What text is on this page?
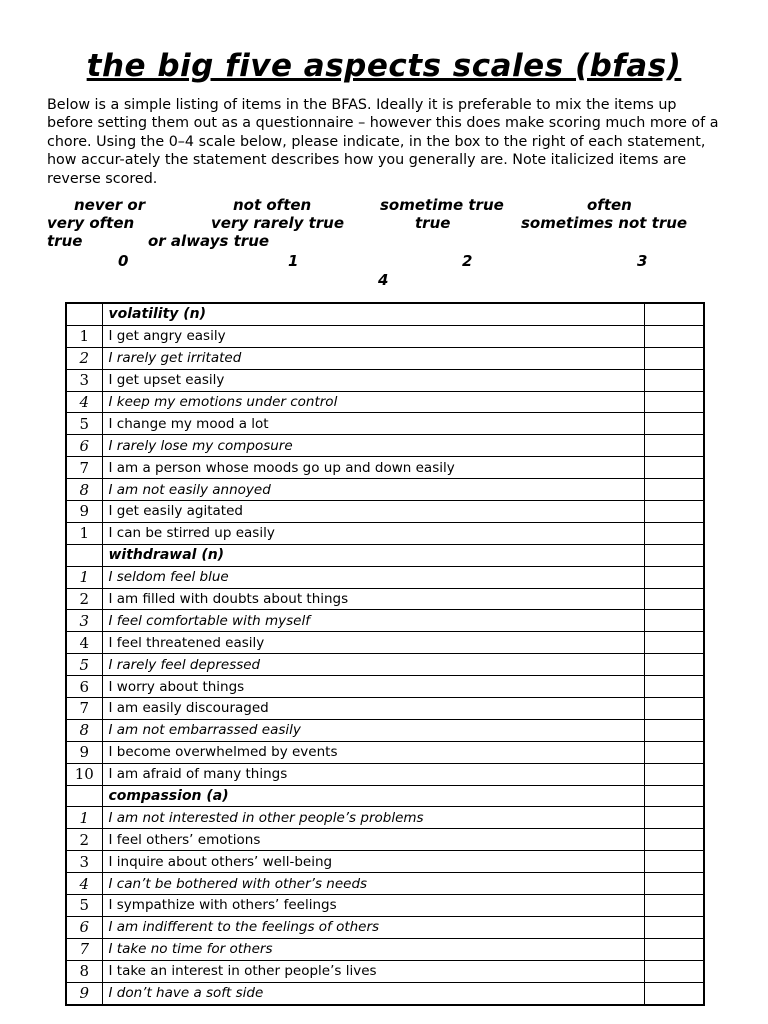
the big five aspects scales (bfas)

Below is a simple listing of items in the BFAS. Ideally it is preferable to mix the items up before setting them out as a questionnaire – however this does make scoring much more of a chore. Using the 0–4 scale below, please indicate, in the box to the right of each statement, how accur-ately the statement describes how you generally are. Note italicized items are reverse scored.

never or	not often	sometime true	often
very often	very rarely true	true	sometimes not true
true	or always true
0	1	2	3
4
	volatility (n)	
1	I get angry easily	
2	I rarely get irritated	
3	I get upset easily	
4	I keep my emotions under control	
5	I change my mood a lot	
6	I rarely lose my composure	
7	I am a person whose moods go up and down easily	
8	I am not easily annoyed	
9	I get easily agitated	
1	I can be stirred up easily	
	withdrawal (n)	
1	I seldom feel blue	
2	I am filled with doubts about things	
3	I feel comfortable with myself	
4	I feel threatened easily	
5	I rarely feel depressed	
6	I worry about things	
7	I am easily discouraged	
8	I am not embarrassed easily	
9	I become overwhelmed by events	
10	I am afraid of many things	
	compassion (a)	
1	I am not interested in other people’s problems	
2	I feel others’ emotions	
3	I inquire about others’ well-being	
4	I can’t be bothered with other’s needs	
5	I sympathize with others’ feelings	
6	I am indifferent to the feelings of others	
7	I take no time for others	
8	I take an interest in other people’s lives	
9	I don’t have a soft side	
